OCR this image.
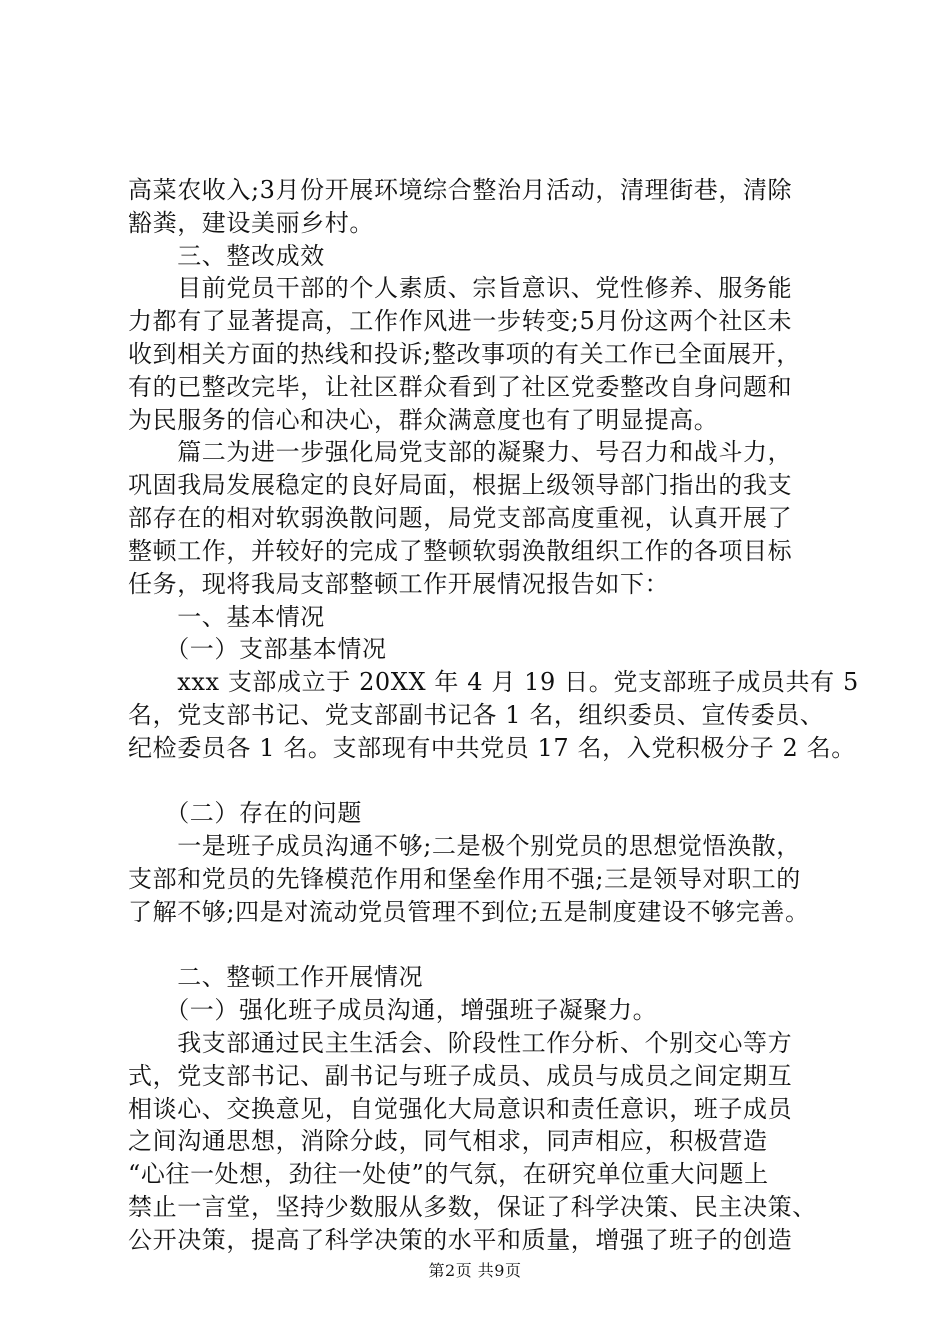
高菜农收入;3月份开展环境综合整治月活动，清理街巷，清除
豁粪，建设美丽乡村。
　　三、整改成效
　　目前党员干部的个人素质、宗旨意识、党性修养、服务能
力都有了显著提高，工作作风进一步转变;5月份这两个社区未
收到相关方面的热线和投诉;整改事项的有关工作已全面展开，
有的已整改完毕，让社区群众看到了社区党委整改自身问题和
为民服务的信心和决心，群众满意度也有了明显提高。
　　篇二为进一步强化局党支部的凝聚力、号召力和战斗力，
巩固我局发展稳定的良好局面，根据上级领导部门指出的我支
部存在的相对软弱涣散问题，局党支部高度重视，认真开展了
整顿工作，并较好的完成了整顿软弱涣散组织工作的各项目标
任务，现将我局支部整顿工作开展情况报告如下：
　　一、基本情况
　　（一）支部基本情况
　　xxx 支部成立于 20XX 年 4 月 19 日。党支部班子成员共有 5
名，党支部书记、党支部副书记各 1 名，组织委员、宣传委员、
纪检委员各 1 名。支部现有中共党员 17 名，入党积极分子 2 名。
　　（二）存在的问题
　　一是班子成员沟通不够;二是极个别党员的思想觉悟涣散，
支部和党员的先锋模范作用和堡垒作用不强;三是领导对职工的
了解不够;四是对流动党员管理不到位;五是制度建设不够完善。
　　二、整顿工作开展情况
　　（一）强化班子成员沟通，增强班子凝聚力。
　　我支部通过民主生活会、阶段性工作分析、个别交心等方
式，党支部书记、副书记与班子成员、成员与成员之间定期互
相谈心、交换意见，自觉强化大局意识和责任意识，班子成员
之间沟通思想，消除分歧，同气相求，同声相应，积极营造
“心往一处想，劲往一处使”的气氛，在研究单位重大问题上
禁止一言堂，坚持少数服从多数，保证了科学决策、民主决策、
公开决策，提高了科学决策的水平和质量，增强了班子的创造
第2页 共9页
